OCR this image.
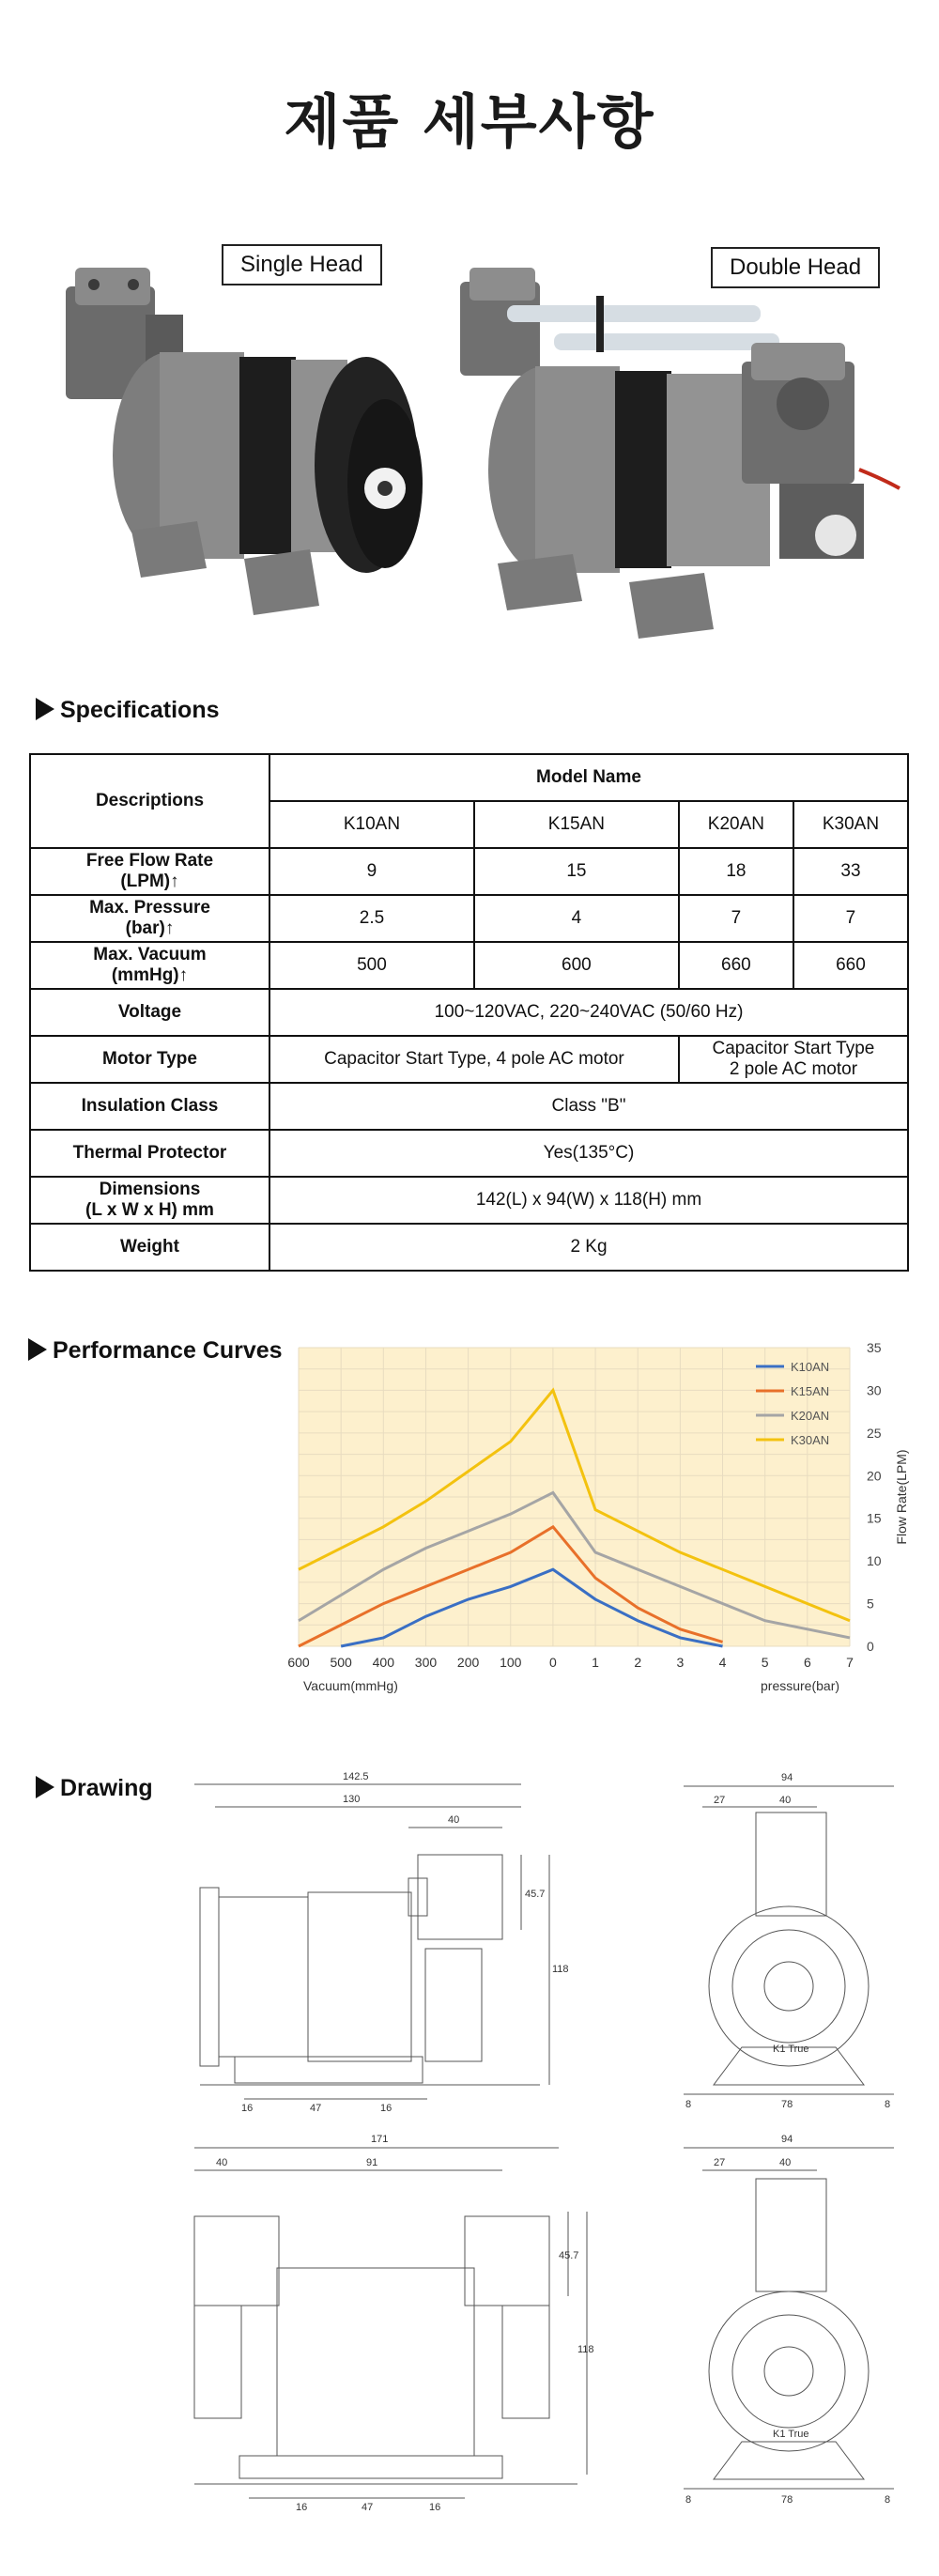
제품 세부사항
Single Head	Double Head
Specifications
Descriptions	Model Name			
	K10AN	K15AN	K20AN	K30AN
Free Flow Rate
(LPM)↑	9	15	18	33
Max. Pressure
(bar)↑	2.5	4	7	7
Max. Vacuum
(mmHg)↑	500	600	660	660
Voltage	100~120VAC, 220~240VAC (50/60 Hz)			
Motor Type	Capacitor Start Type, 4 pole AC motor		Capacitor Start Type
2 pole AC motor	
Insulation Class	Class "B"			
Thermal Protector	Yes(135°C)			
Dimensions
(L x W x H) mm	142(L) x 94(W) x 118(H) mm			
Weight	2 Kg			
Performance Curves
0
5
10
15
20
25
30
35
600 500 400 300 200 100 0	1	2	3	4	5	6	7
Vacuum(mmHg)	pressure(bar)
Flow Rate(LPM)
K10AN
K15AN
K20AN
K30AN
Drawing	142.5
130
40
45.7
118
16	47	16
94
27	40
K1 True
8	78	8
171
40	91
45.7
118
16	47	16
94
27	40
K1 True
8	78	8
